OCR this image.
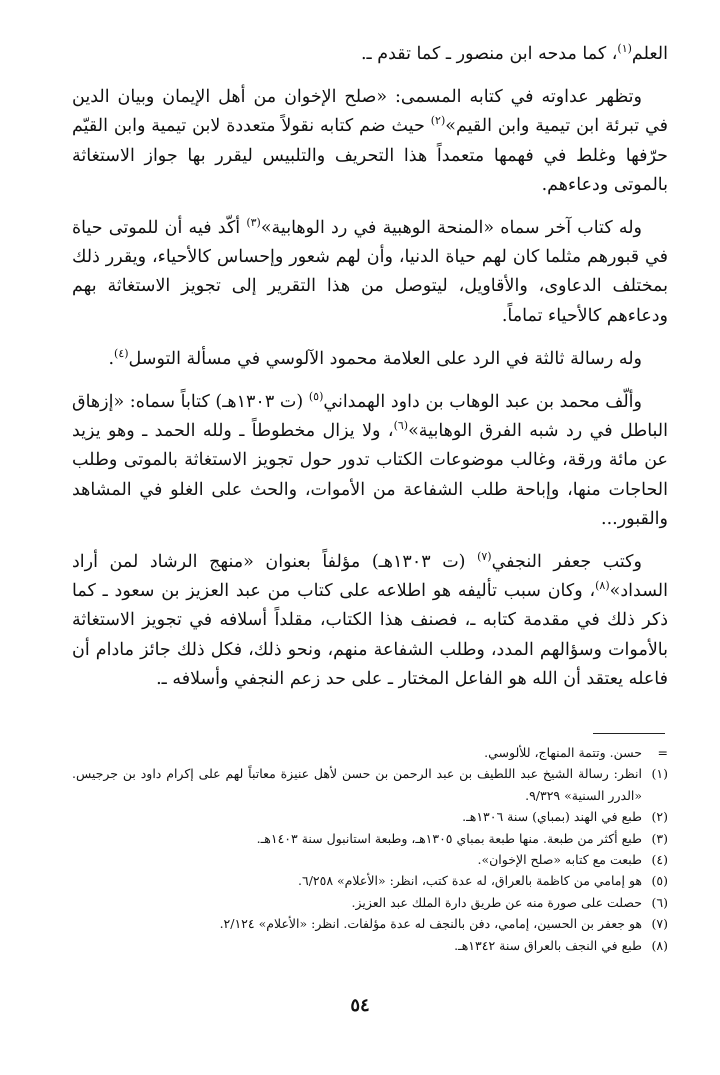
العلم$^{(١)}$، كما مدحه ابن منصور ـ كما تقدم ـ.

وتظهر عداوته في كتابه المسمى: «صلح الإخوان من أهل الإيمان وبيان الدين في تبرئة ابن تيمية وابن القيم»$^{(٢)}$ حيث ضم كتابه نقولاً متعددة لابن تيمية وابن القيّم حرّفها وغلط في فهمها متعمداً هذا التحريف والتلبيس ليقرر بها جواز الاستغاثة بالموتى ودعاءهم.

وله كتاب آخر سماه «المنحة الوهبية في رد الوهابية»$^{(٣)}$ أكّد فيه أن للموتى حياة في قبورهم مثلما كان لهم حياة الدنيا، وأن لهم شعور وإحساس كالأحياء، ويقرر ذلك بمختلف الدعاوى، والأقاويل، ليتوصل من هذا التقرير إلى تجويز الاستغاثة بهم ودعاءهم كالأحياء تماماً.

وله رسالة ثالثة في الرد على العلامة محمود الآلوسي في مسألة التوسل$^{(٤)}$.

وألّف محمد بن عبد الوهاب بن داود الهمداني$^{(٥)}$ (ت ١٣٠٣هـ) كتاباً سماه: «إزهاق الباطل في رد شبه الفرق الوهابية»$^{(٦)}$، ولا يزال مخطوطاً ـ ولله الحمد ـ وهو يزيد عن مائة ورقة، وغالب موضوعات الكتاب تدور حول تجويز الاستغاثة بالموتى وطلب الحاجات منها، وإباحة طلب الشفاعة من الأموات، والحث على الغلو في المشاهد والقبور...

وكتب جعفر النجفي$^{(٧)}$ (ت ١٣٠٣هـ) مؤلفاً بعنوان «منهج الرشاد لمن أراد السداد»$^{(٨)}$، وكان سبب تأليفه هو اطلاعه على كتاب من عبد العزيز بن سعود ـ كما ذكر ذلك في مقدمة كتابه ـ، فصنف هذا الكتاب، مقلداً أسلافه في تجويز الاستغاثة بالأموات وسؤالهم المدد، وطلب الشفاعة منهم، ونحو ذلك، فكل ذلك جائز مادام أن فاعله يعتقد أن الله هو الفاعل المختار ـ على حد زعم النجفي وأسلافه ـ.

=
حسن. وتتمة المنهاج، للألوسي.
(١)
انظر: رسالة الشيخ عبد اللطيف بن عبد الرحمن بن حسن لأهل عنيزة معاتباً لهم على إكرام داود بن جرجيس. «الدرر السنية» ٩/٣٢٩.
(٢)
طبع في الهند (بمباي) سنة ١٣٠٦هـ.
(٣)
طبع أكثر من طبعة. منها طبعة بمباي ١٣٠٥هـ، وطبعة استانبول سنة ١٤٠٣هـ.
(٤)
طبعت مع كتابه «صلح الإخوان».
(٥)
هو إمامي من كاظمة بالعراق، له عدة كتب، انظر: «الأعلام» ٦/٢٥٨.
(٦)
حصلت على صورة منه عن طريق دارة الملك عبد العزيز.
(٧)
هو جعفر بن الحسين، إمامي، دفن بالنجف له عدة مؤلفات. انظر: «الأعلام» ٢/١٢٤.
(٨)
طبع في النجف بالعراق سنة ١٣٤٢هـ.
٥٤
